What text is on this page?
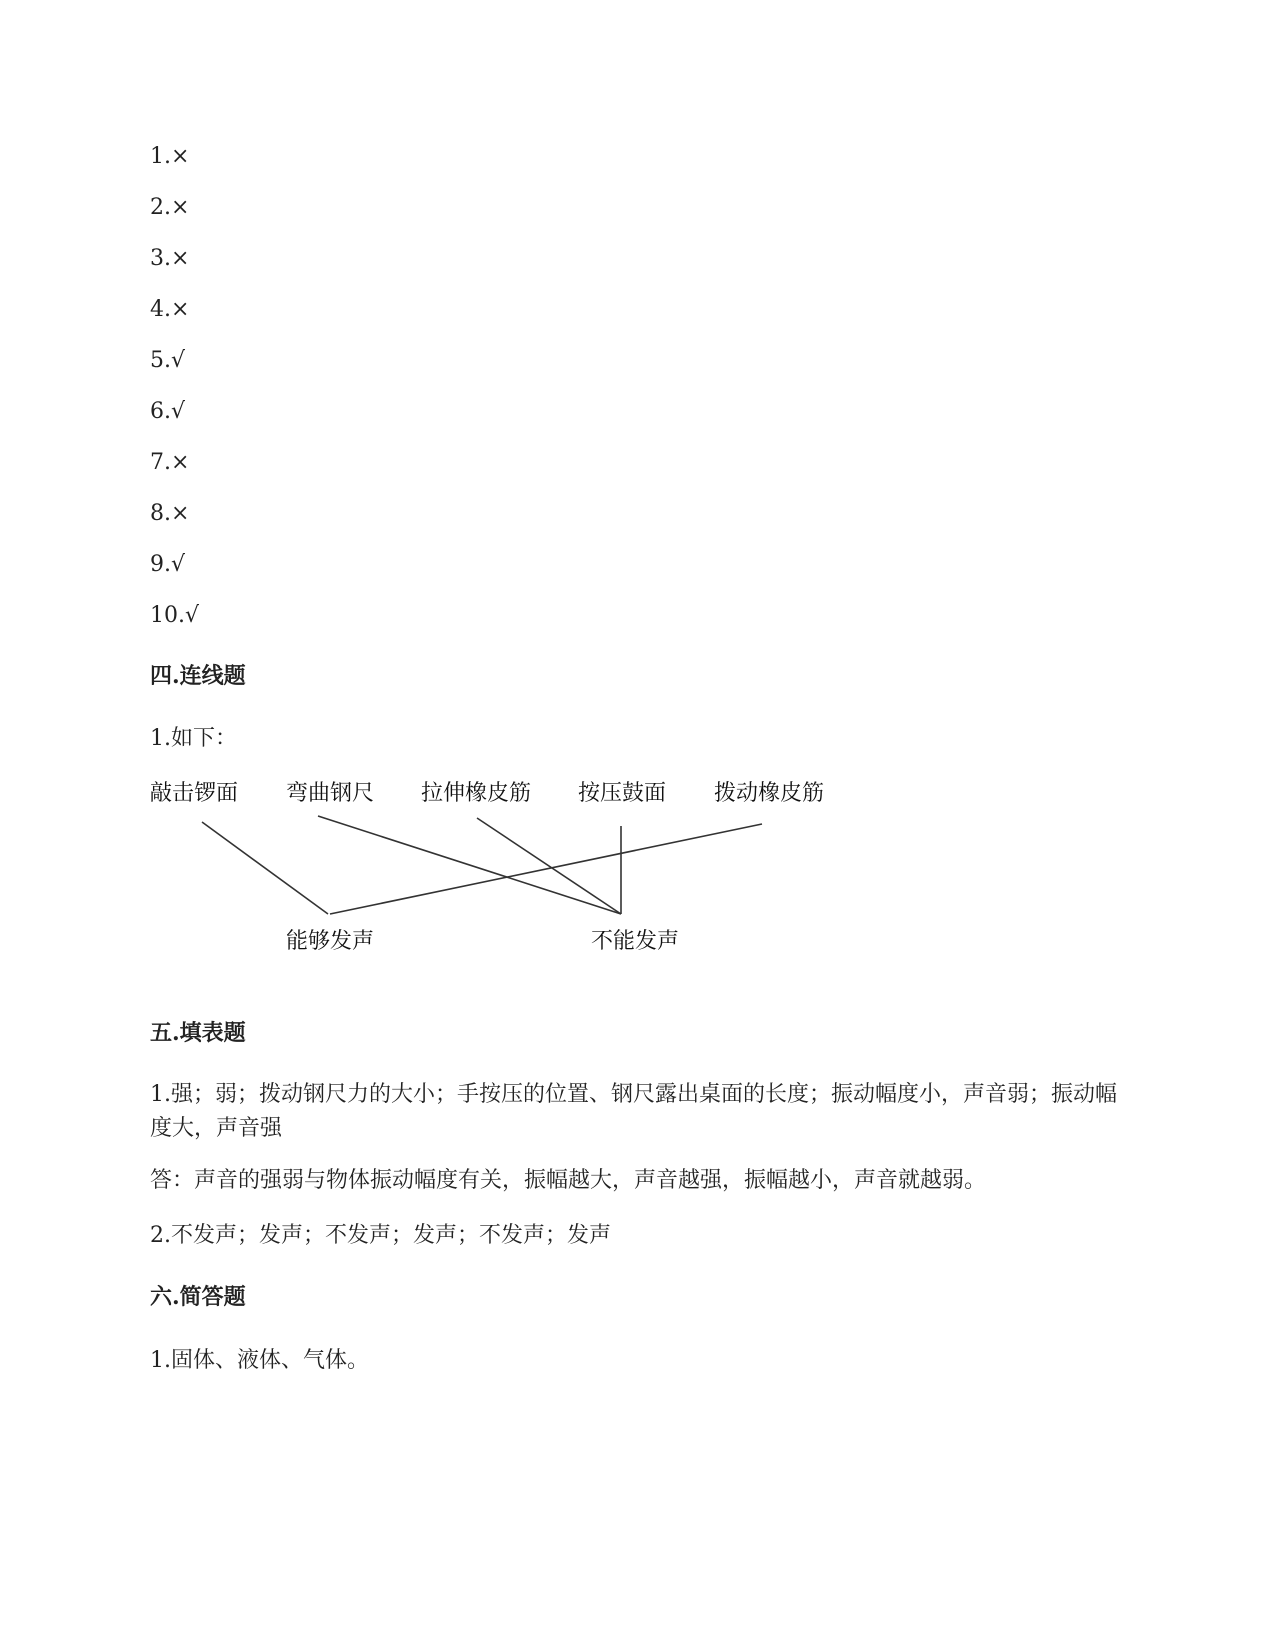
1.×
2.×
3.×
4.×
5.√
6.√
7.×
8.×
9.√
10.√
四.连线题
1.如下：
敲击锣面 弯曲钢尺 拉伸橡皮筋 按压鼓面 拨动橡皮筋
能够发声	不能发声
五.填表题
1.强；弱；拨动钢尺力的大小；手按压的位置、钢尺露出桌面的长度；振动幅度小，声音弱；振动幅度大，声音强
答：声音的强弱与物体振动幅度有关，振幅越大，声音越强，振幅越小，声音就越弱。
2.不发声；发声；不发声；发声；不发声；发声
六.简答题
1.固体、液体、气体。
